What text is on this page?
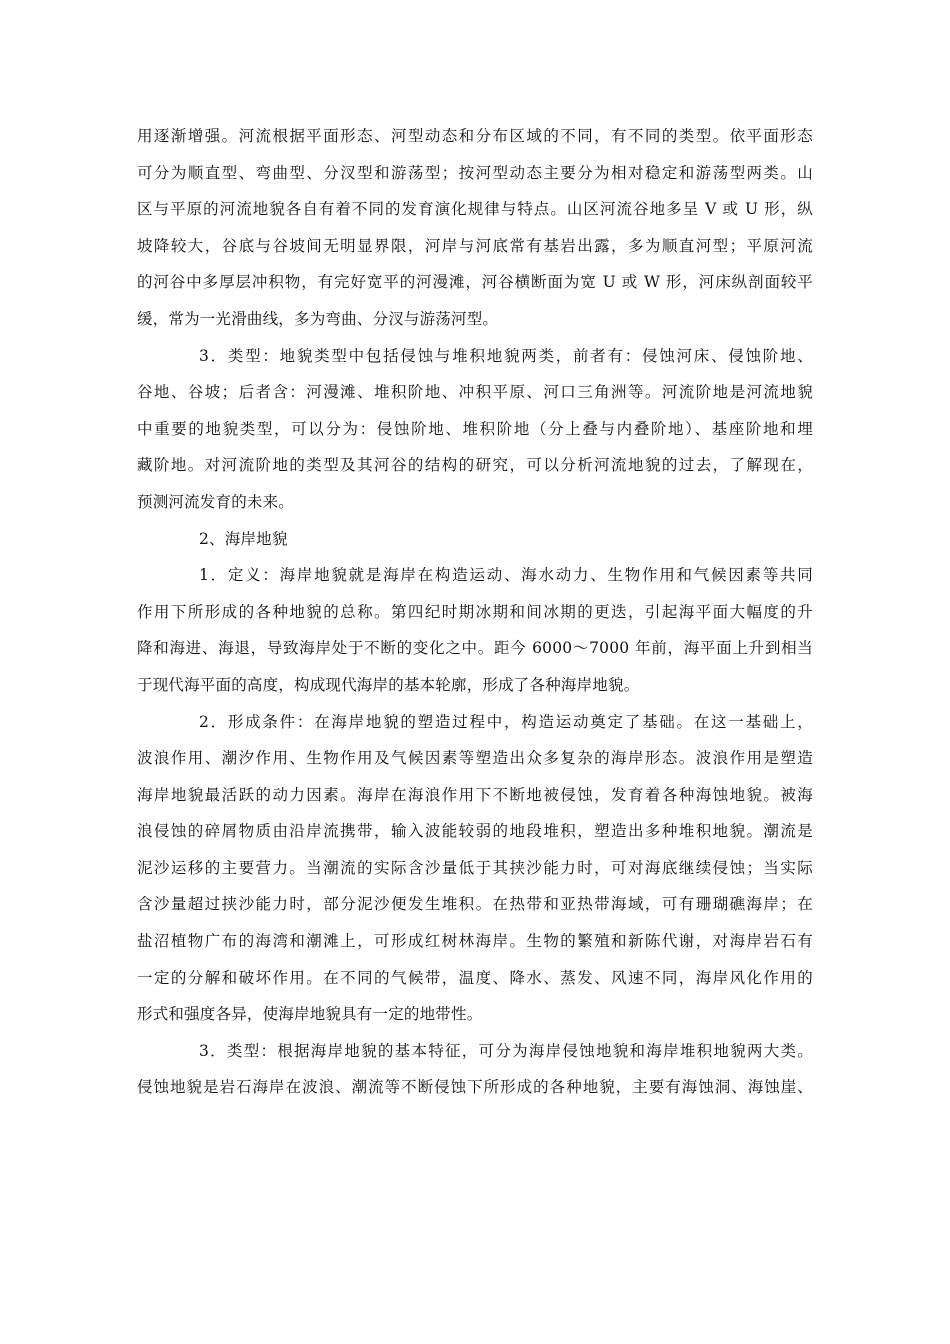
用逐渐增强。河流根据平面形态、河型动态和分布区域的不同，有不同的类型。依平面形态
可分为顺直型、弯曲型、分汊型和游荡型；按河型动态主要分为相对稳定和游荡型两类。山
区与平原的河流地貌各自有着不同的发育演化规律与特点。山区河流谷地多呈 V 或 U 形，纵
坡降较大，谷底与谷坡间无明显界限，河岸与河底常有基岩出露，多为顺直河型；平原河流
的河谷中多厚层冲积物，有完好宽平的河漫滩，河谷横断面为宽 U 或 W 形，河床纵剖面较平
缓，常为一光滑曲线，多为弯曲、分汊与游荡河型。
3．类型：地貌类型中包括侵蚀与堆积地貌两类，前者有：侵蚀河床、侵蚀阶地、
谷地、谷坡；后者含：河漫滩、堆积阶地、冲积平原、河口三角洲等。河流阶地是河流地貌
中重要的地貌类型，可以分为：侵蚀阶地、堆积阶地（分上叠与内叠阶地）、基座阶地和埋
藏阶地。对河流阶地的类型及其河谷的结构的研究，可以分析河流地貌的过去，了解现在，
预测河流发育的未来。
2、海岸地貌
1．定义：海岸地貌就是海岸在构造运动、海水动力、生物作用和气候因素等共同
作用下所形成的各种地貌的总称。第四纪时期冰期和间冰期的更迭，引起海平面大幅度的升
降和海进、海退，导致海岸处于不断的变化之中。距今 6000～7000 年前，海平面上升到相当
于现代海平面的高度，构成现代海岸的基本轮廓，形成了各种海岸地貌。
2．形成条件：在海岸地貌的塑造过程中，构造运动奠定了基础。在这一基础上，
波浪作用、潮汐作用、生物作用及气候因素等塑造出众多复杂的海岸形态。波浪作用是塑造
海岸地貌最活跃的动力因素。海岸在海浪作用下不断地被侵蚀，发育着各种海蚀地貌。被海
浪侵蚀的碎屑物质由沿岸流携带，输入波能较弱的地段堆积，塑造出多种堆积地貌。潮流是
泥沙运移的主要营力。当潮流的实际含沙量低于其挟沙能力时，可对海底继续侵蚀；当实际
含沙量超过挟沙能力时，部分泥沙便发生堆积。在热带和亚热带海域，可有珊瑚礁海岸；在
盐沼植物广布的海湾和潮滩上，可形成红树林海岸。生物的繁殖和新陈代谢，对海岸岩石有
一定的分解和破坏作用。在不同的气候带，温度、降水、蒸发、风速不同，海岸风化作用的
形式和强度各异，使海岸地貌具有一定的地带性。
3．类型：根据海岸地貌的基本特征，可分为海岸侵蚀地貌和海岸堆积地貌两大类。
侵蚀地貌是岩石海岸在波浪、潮流等不断侵蚀下所形成的各种地貌，主要有海蚀洞、海蚀崖、
